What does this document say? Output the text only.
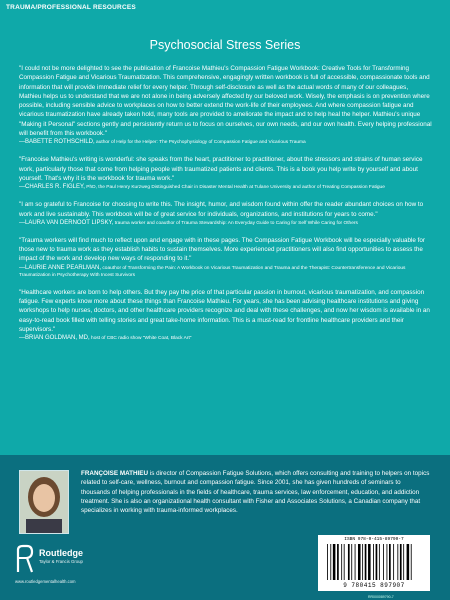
TRAUMA/PROFESSIONAL RESOURCES
Psychosocial Stress Series

"I could not be more delighted to see the publication of Francoise Mathieu's Compassion Fatigue Workbook: Creative Tools for Transforming Compassion Fatigue and Vicarious Traumatization. This comprehensive, engagingly written workbook is full of accessible, compassionate tools and information that will provide immediate relief for every helper. Through self-disclosure as well as the actual words of many of our colleagues, Mathieu helps us to understand that we are not alone in being adversely affected by our beloved work. Wisely, the emphasis is on prevention where possible, including sensible advice to workplaces on how to better extend the work-life of their employees. And where compassion fatigue and vicarious traumatization have already taken hold, many tools are provided to ameliorate the impact and to help heal the helper. Mathieu's unique "Making it Personal" sections gently and persistently return us to focus on ourselves, our own needs, and our own health. Every helping professional will benefit from this workbook."

—BABETTE ROTHSCHILD, author of Help for the Helper: The Psychophysiology of Compassion Fatigue and Vicarious Trauma

"Francoise Mathieu's writing is wonderful: she speaks from the heart, practitioner to practitioner, about the stressors and strains of human service work, particularly those that come from helping people with traumatized patients and clients. This is a book you help write by yourself and about yourself. That's why it is the workbook for trauma work."

—CHARLES R. FIGLEY, PhD, the Paul Henry Kurzweg Distinguished Chair in Disaster Mental Health at Tulane University and author of Treating Compassion Fatigue

"I am so grateful to Francoise for choosing to write this. The insight, humor, and wisdom found within offer the reader abundant choices on how to work and live sustainably. This workbook will be of great service for individuals, organizations, and institutions for years to come."

—LAURA VAN DERNOOT LIPSKY, trauma worker and coauthor of Trauma Stewardship: An Everyday Guide to Caring for Self While Caring for Others

"Trauma workers will find much to reflect upon and engage with in these pages. The Compassion Fatigue Workbook will be especially valuable for those new to trauma work as they establish habits to sustain themselves. More experienced practitioners will also find opportunities to assess the impact of the work and develop new ways of responding to it."

—LAURIE ANNE PEARLMAN, coauthor of Transforming the Pain: A Workbook on Vicarious Traumatization and Trauma and the Therapist: Countertransference and Vicarious Traumatization in Psychotherapy With Incest Survivors

"Healthcare workers are born to help others. But they pay the price of that particular passion in burnout, vicarious traumatization, and compassion fatigue. Few experts know more about these things than Francoise Mathieu. For years, she has been advising healthcare institutions and giving workshops to help nurses, doctors, and other healthcare providers recognize and deal with these challenges, and now her wisdom is available in an easy-to-read book filled with telling stories and great take-home information. This is a must-read for frontline healthcare providers and their supervisors."

—BRIAN GOLDMAN, MD, host of CBC radio show "White Coat, Black Art"
FRANÇOISE MATHIEU is director of Compassion Fatigue Solutions, which offers consulting and training to helpers on topics related to self-care, wellness, burnout and compassion fatigue. Since 2001, she has given hundreds of seminars to thousands of helping professionals in the fields of healthcare, trauma services, law enforcement, education, and addiction treatment. She is also an organizational health consultant with Fisher and Associates Solutions, a Canadian company that specializes in working with trauma-informed workplaces.
Routledge
Taylor & Francis Group
www.routledgementalhealth.com
ISBN 978-0-415-89790-7
9 780415 897907
RR000089790-7
